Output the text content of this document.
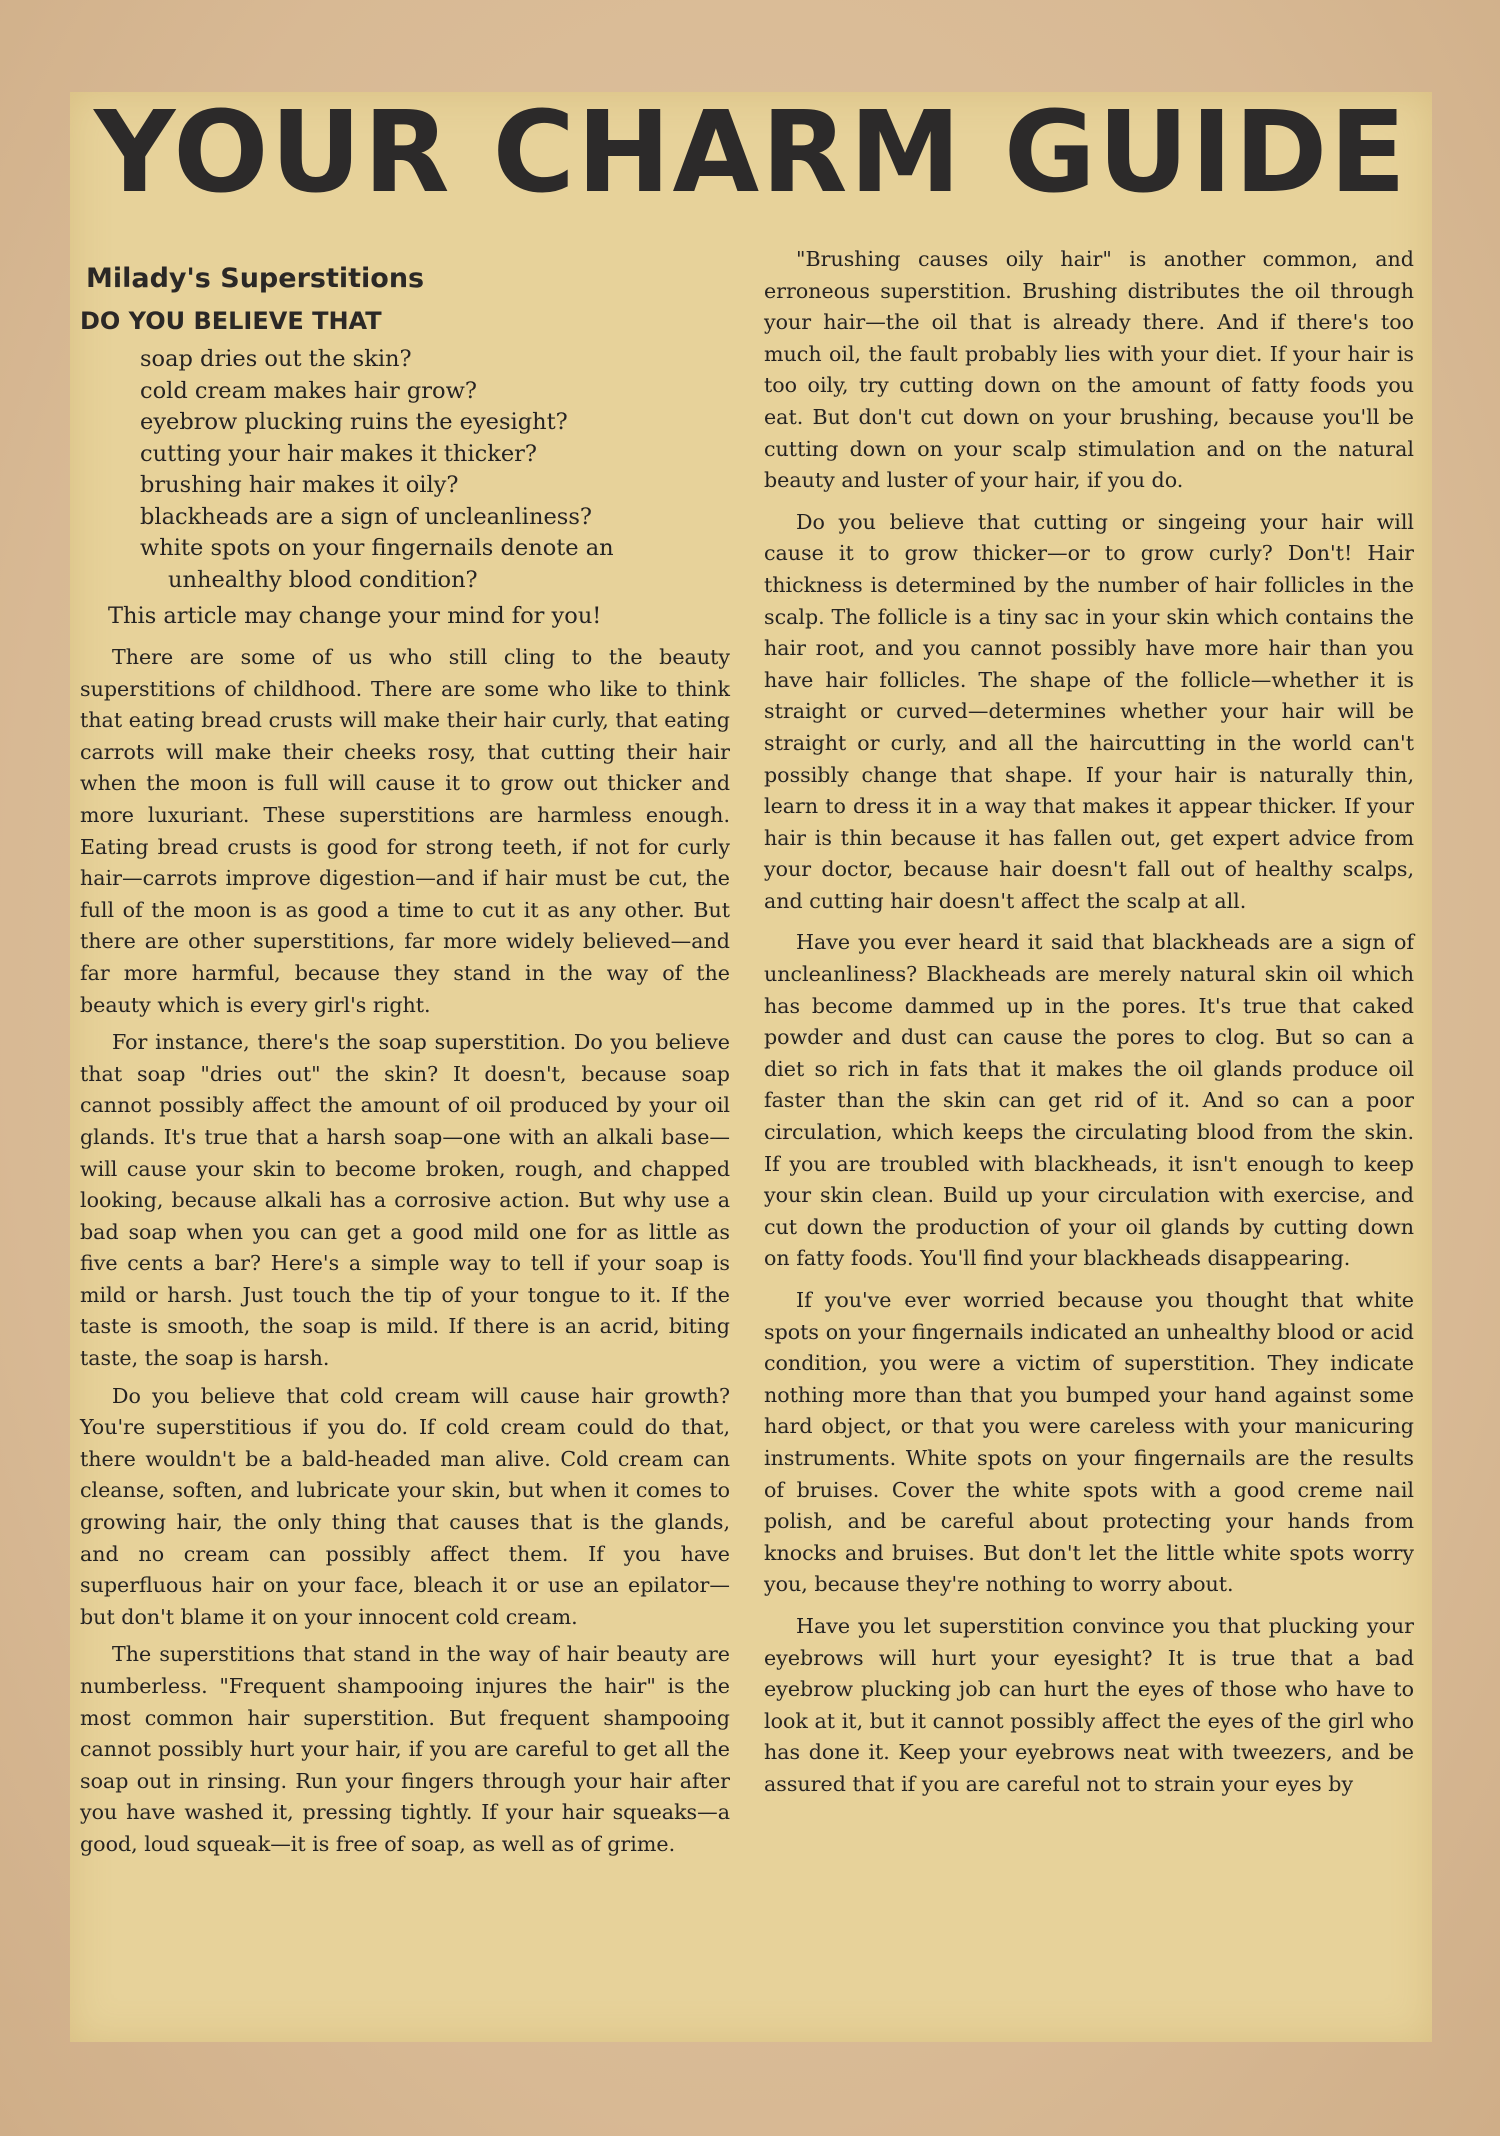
YOUR CHARM GUIDE
Milady's Superstitions
DO YOU BELIEVE THAT
soap dries out the skin?
cold cream makes hair grow?
eyebrow plucking ruins the eyesight?
cutting your hair makes it thicker?
brushing hair makes it oily?
blackheads are a sign of uncleanliness?
white spots on your fingernails denote an unhealthy blood condition?
This article may change your mind for you!

There are some of us who still cling to the beauty superstitions of childhood. There are some who like to think that eating bread crusts will make their hair curly, that eating carrots will make their cheeks rosy, that cutting their hair when the moon is full will cause it to grow out thicker and more luxuriant. These superstitions are harmless enough. Eating bread crusts is good for strong teeth, if not for curly hair—carrots improve digestion—and if hair must be cut, the full of the moon is as good a time to cut it as any other. But there are other superstitions, far more widely believed—and far more harmful, because they stand in the way of the beauty which is every girl's right.

For instance, there's the soap superstition. Do you believe that soap "dries out" the skin? It doesn't, because soap cannot possibly affect the amount of oil produced by your oil glands. It's true that a harsh soap—one with an alkali base—will cause your skin to become broken, rough, and chapped looking, because alkali has a corrosive action. But why use a bad soap when you can get a good mild one for as little as five cents a bar? Here's a simple way to tell if your soap is mild or harsh. Just touch the tip of your tongue to it. If the taste is smooth, the soap is mild. If there is an acrid, biting taste, the soap is harsh.

Do you believe that cold cream will cause hair growth? You're superstitious if you do. If cold cream could do that, there wouldn't be a bald-headed man alive. Cold cream can cleanse, soften, and lubricate your skin, but when it comes to growing hair, the only thing that causes that is the glands, and no cream can possibly affect them. If you have superfluous hair on your face, bleach it or use an epilator—but don't blame it on your innocent cold cream.

The superstitions that stand in the way of hair beauty are numberless. "Frequent shampooing injures the hair" is the most common hair superstition. But frequent shampooing cannot possibly hurt your hair, if you are careful to get all the soap out in rinsing. Run your fingers through your hair after you have washed it, pressing tightly. If your hair squeaks—a good, loud squeak—it is free of soap, as well as of grime.

"Brushing causes oily hair" is another common, and erroneous superstition. Brushing distributes the oil through your hair—the oil that is already there. And if there's too much oil, the fault probably lies with your diet. If your hair is too oily, try cutting down on the amount of fatty foods you eat. But don't cut down on your brushing, because you'll be cutting down on your scalp stimulation and on the natural beauty and luster of your hair, if you do.

Do you believe that cutting or singeing your hair will cause it to grow thicker—or to grow curly? Don't! Hair thickness is determined by the number of hair follicles in the scalp. The follicle is a tiny sac in your skin which contains the hair root, and you cannot possibly have more hair than you have hair follicles. The shape of the follicle—whether it is straight or curved—determines whether your hair will be straight or curly, and all the haircutting in the world can't possibly change that shape. If your hair is naturally thin, learn to dress it in a way that makes it appear thicker. If your hair is thin because it has fallen out, get expert advice from your doctor, because hair doesn't fall out of healthy scalps, and cutting hair doesn't affect the scalp at all.

Have you ever heard it said that blackheads are a sign of uncleanliness? Blackheads are merely natural skin oil which has become dammed up in the pores. It's true that caked powder and dust can cause the pores to clog. But so can a diet so rich in fats that it makes the oil glands produce oil faster than the skin can get rid of it. And so can a poor circulation, which keeps the circulating blood from the skin. If you are troubled with blackheads, it isn't enough to keep your skin clean. Build up your circulation with exercise, and cut down the production of your oil glands by cutting down on fatty foods. You'll find your blackheads disappearing.

If you've ever worried because you thought that white spots on your fingernails indicated an unhealthy blood or acid condition, you were a victim of superstition. They indicate nothing more than that you bumped your hand against some hard object, or that you were careless with your manicuring instruments. White spots on your fingernails are the results of bruises. Cover the white spots with a good creme nail polish, and be careful about protecting your hands from knocks and bruises. But don't let the little white spots worry you, because they're nothing to worry about.

Have you let superstition convince you that plucking your eyebrows will hurt your eyesight? It is true that a bad eyebrow plucking job can hurt the eyes of those who have to look at it, but it cannot possibly affect the eyes of the girl who has done it. Keep your eyebrows neat with tweezers, and be assured that if you are careful not to strain your eyes by
